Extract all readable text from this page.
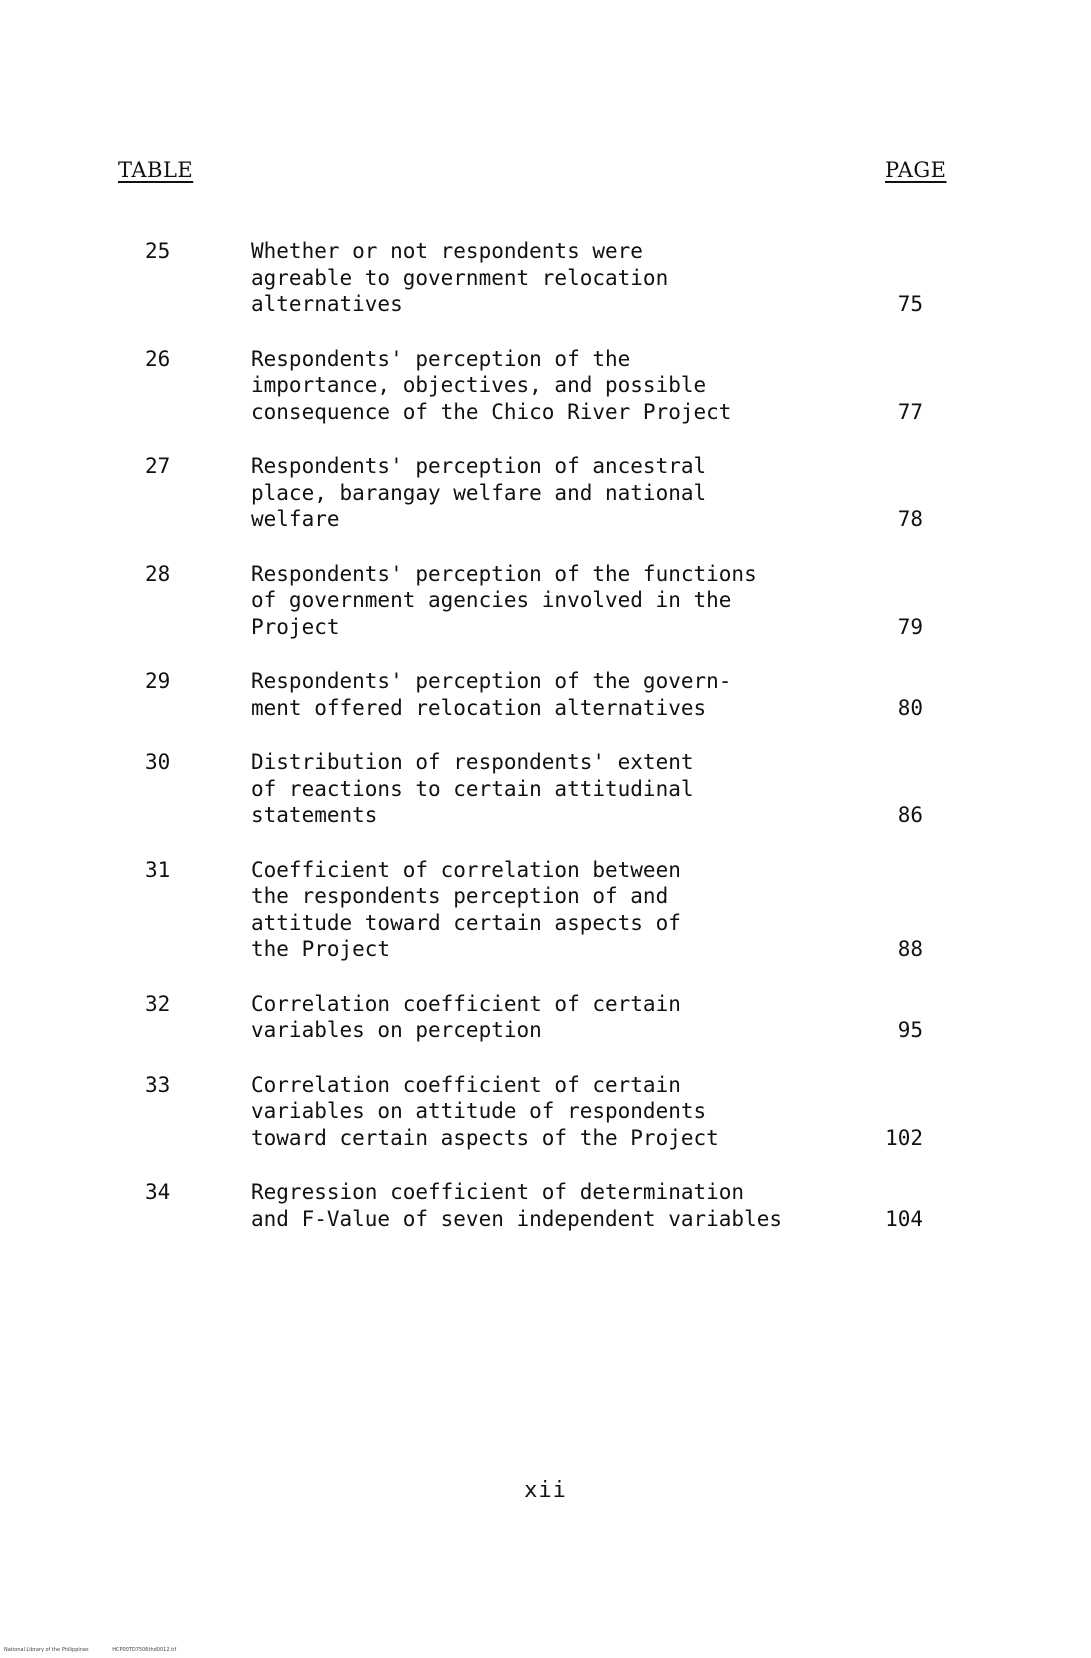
TABLE	PAGE
25	Whether or not respondents were
agreable to government relocation
alternatives	75
26	Respondents' perception of the
importance, objectives, and possible
consequence of the Chico River Project	77
27	Respondents' perception of ancestral
place, barangay welfare and national
welfare	78
28	Respondents' perception of the functions
of government agencies involved in the
Project	79
29	Respondents' perception of the govern-
ment offered relocation alternatives	80
30	Distribution of respondents' extent
of reactions to certain attitudinal
statements	86
31	Coefficient of correlation between
the respondents perception of and
attitude toward certain aspects of
the Project	88
32	Correlation coefficient of certain
variables on perception	95
33	Correlation coefficient of certain
variables on attitude of respondents
toward certain aspects of the Project	102
34	Regression coefficient of determination
and F-Value of seven independent variables	104
xii
National Library of the Philippines	HCP00TD7506thd0012.tif
